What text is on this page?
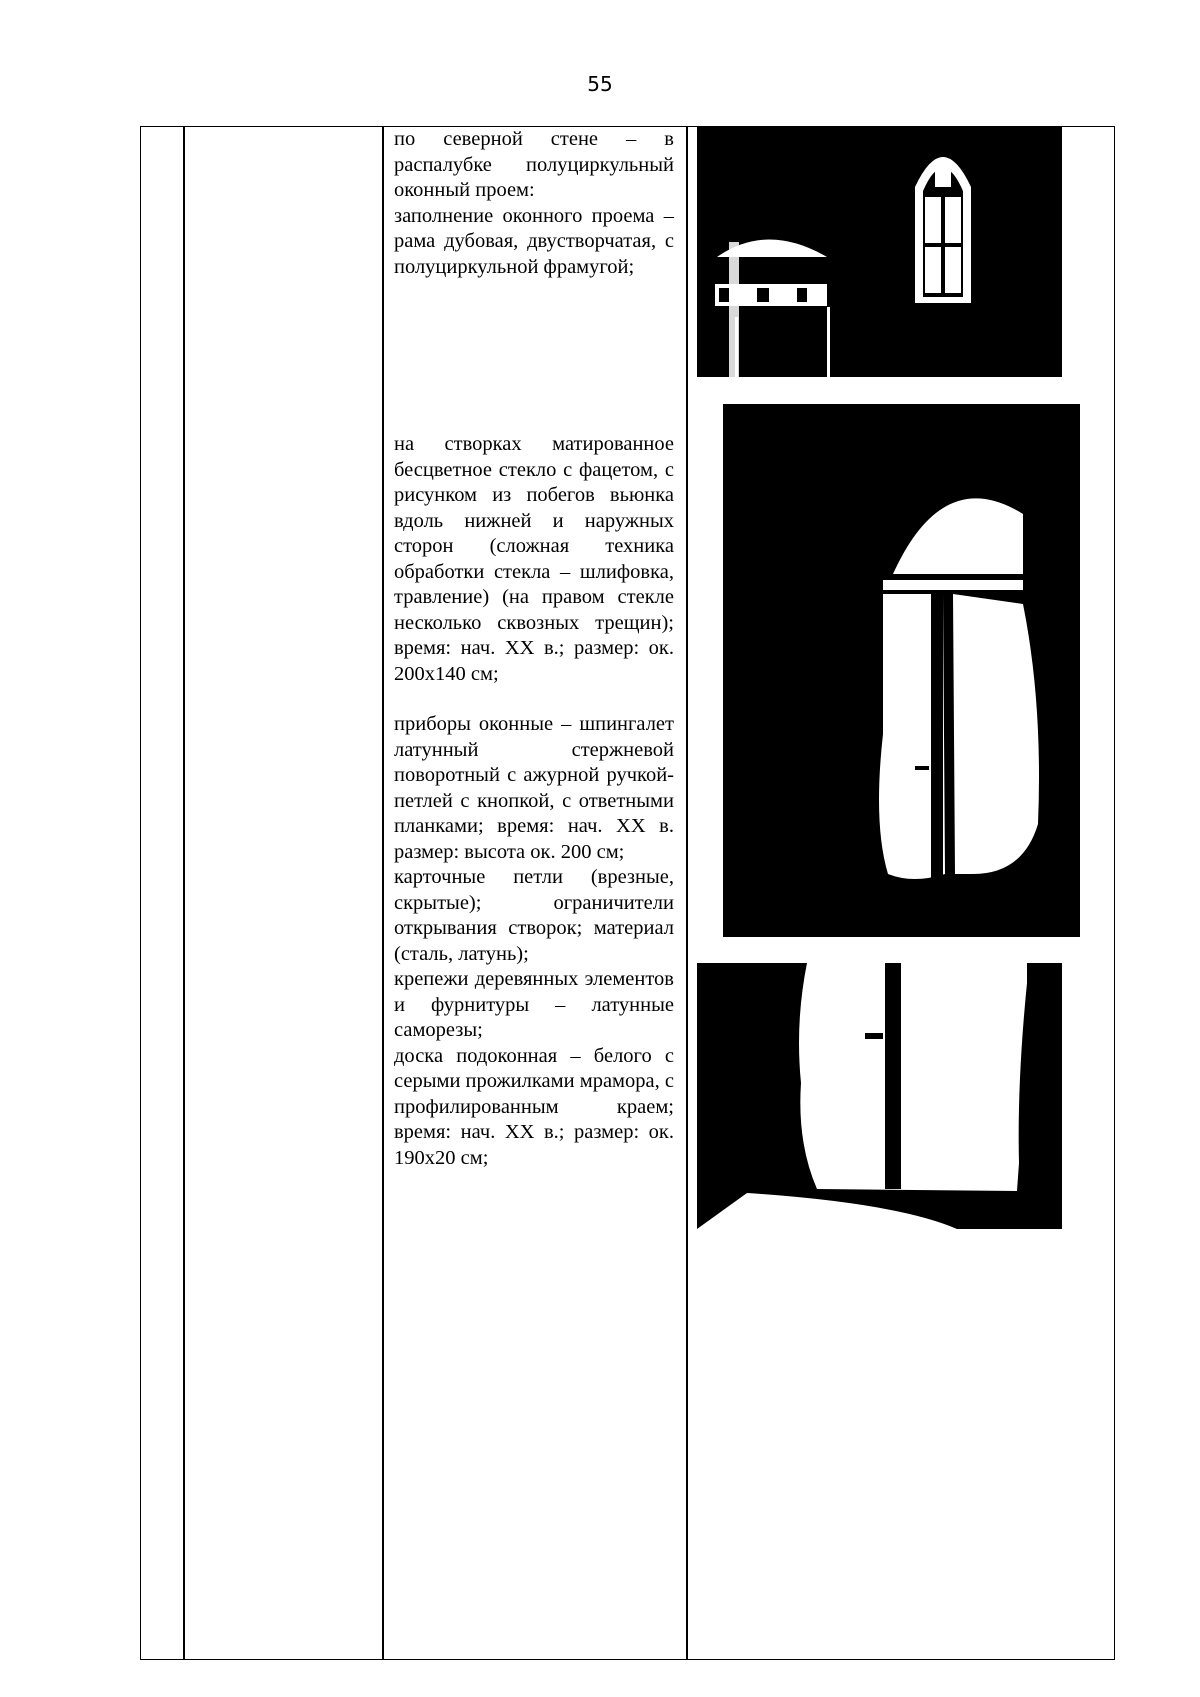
55

по северной стене – в распалубке полуциркульный оконный проем:

заполнение оконного проема – рама дубовая, двустворчатая, с полуциркульной фрамугой;

на створках матированное бесцветное стекло с фацетом, с рисунком из побегов вьюнка вдоль нижней и наружных сторон (сложная техника обработки стекла – шлифовка, травление) (на правом стекле несколько сквозных трещин); время: нач. XX в.; размер: ок. 200х140 см;

приборы оконные – шпингалет латунный стержневой поворотный с ажурной ручкой-петлей с кнопкой, с ответными планками; время: нач. XX в. размер: высота ок. 200 см;

карточные петли (врезные, скрытые); ограничители открывания створок; материал (сталь, латунь);

крепежи деревянных элементов и фурнитуры – латунные саморезы;

доска подоконная – белого с серыми прожилками мрамора, с профилированным краем; время: нач. XX в.; размер: ок. 190х20 см;
